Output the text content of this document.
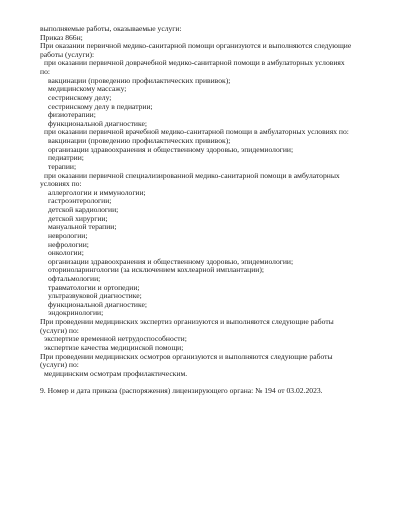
выполняемые работы, оказываемые услуги:
Приказ 866н;
При оказании первичной медико-санитарной помощи организуются и выполняются следующие
работы (услуги):
при оказании первичной доврачебной медико-санитарной помощи в амбулаторных условиях
по:
вакцинации (проведению профилактических прививок);
медицинскому массажу;
сестринскому делу;
сестринскому делу в педиатрии;
физиотерапии;
функциональной диагностике;
при оказании первичной врачебной медико-санитарной помощи в амбулаторных условиях по:
вакцинации (проведению профилактических прививок);
организации здравоохранения и общественному здоровью, эпидемиологии;
педиатрии;
терапии;
при оказании первичной специализированной медико-санитарной помощи в амбулаторных
условиях по:
аллергологии и иммунологии;
гастроэнтерологии;
детской кардиологии;
детской хирургии;
мануальной терапии;
неврологии;
нефрологии;
онкологии;
организации здравоохранения и общественному здоровью, эпидемиологии;
оториноларингологии (за исключением кохлеарной имплантации);
офтальмологии;
травматологии и ортопедии;
ультразвуковой диагностике;
функциональной диагностике;
эндокринологии;
При проведении медицинских экспертиз организуются и выполняются следующие работы
(услуги) по:
экспертизе временной нетрудоспособности;
экспертизе качества медицинской помощи;
При проведении медицинских осмотров организуются и выполняются следующие работы
(услуги) по:
медицинским осмотрам профилактическим.
9. Номер и дата приказа (распоряжения) лицензирующего органа: № 194 от 03.02.2023.
